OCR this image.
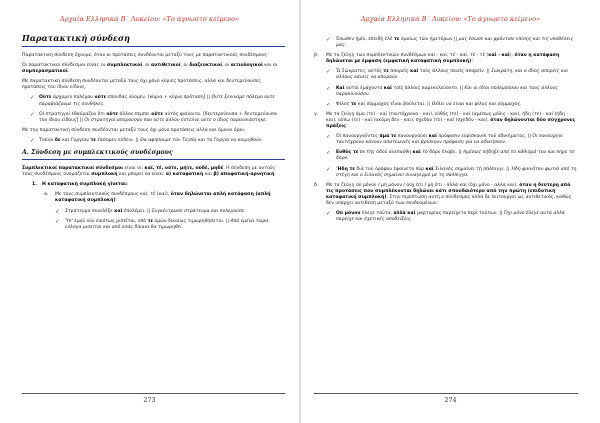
Αρχαία Ελληνικά Β΄ Λυκείου: «Το άγνωστο κείμενο»
Παρατακτική σύνδεση

Παρατακτική σύνδεση έχουμε, όταν οι προτάσεις συνδέονται μεταξύ τους με παρατακτικούς συνδέσμους.

Οι παρατακτικοί σύνδεσμοι είναι: οι συμπλεκτικοί, οι αντιθετικοί, οι διαζευκτικοί, οι αιτιολογικοί και οι συμπερασματικοί.

Με παρατακτική σύνδεση συνδέονται μεταξύ τους όχι μόνο κύριες προτάσεις, αλλά και δευτερεύουσες προτάσεις του ίδιου είδους.

✓ Ούτε άρχομεν πολέμου ούτε σπονδάς λύομεν. [κύρια + κύρια πρόταση] || Ούτε ξεκινάμε πόλεμο ούτε παραβιάζουμε τις συνθήκες.
✓ Οί στρατηγοί έθαύμαζον ὅτι οὔτε ἄλλον πεμπει οὔτε αὐτὸς φαίνοιτο. [δευτερεύουσα + δευτερεύουσα του ίδιου είδους] || Οι στρατηγοί απορούσαν που ούτε άλλον έστελνε ούτε ο ίδιος παρουσιάστηκε.

Με την παρατακτική σύνδεση συνδέονται μεταξύ τους όχι μόνο προτάσεις αλλά και όμοιοι όροι.

✓ Τισίαν δε καί Γοργίαν τε έάσομεν εύδειν. || Θα αφήσουμε τον Τεισία και το Γοργία να κοιμηθούν.
Α. Σύνδεση με συμπλεκτικούς συνδέσμους

Συμπλεκτικοί παρατακτικοί σύνδεσμοι είναι οι: καί, τέ, οὔτε, μήτε, οὐδέ, μηδέ. Η σύνδεση με αυτούς τους συνδέσμους ονομάζεται συμπλοκή και μπορεί να είναι: α) καταφατική και β) αποφατική-αρνητική.

1. Η καταφατική συμπλοκή γίνεται:
α. Με τους συμπλεκτικούς συνδέσμους καί, τέ (καί), όταν δηλώνεται απλή κατάφαση (απλή καταφατική συμπλοκή):
✓ Στράτευμα συνελέξε καί έπολέμει. || Συγκέντρωσε στράτευμα και πολεμούσε.
✓ Ύπ' ἐμοῦ νῦν εἰκότως μισεῖται, ὑπὸ τε ὑμῶν δικαίως τιμωρηθήσεται. || Από εμένα τώρα εύλογα μισείται και από εσάς δίκαια θα τιμωρηθεί.
273
Αρχαία Ελληνικά Β΄ Λυκείου: «Το άγνωστο κείμενο»
✓ Ἐσωσεν ἡμῖν, ἐπειδὴ ἐλέ τε ὁμοίως τῶν ἡμετέρων || μας έσωσε και φρόντισε επίσης και τις υποθέσεις μας.
β. Με τα ζεύγη των συμπλεκτικών συνδέσμων καί - καί, τέ - καί, τέ - τέ (καί - καί), όταν η κατάφαση δηλώνεται με έμφαση (εμφατική καταφατική συμπλοκή):
✓ Ὦ Σώκρατες, αὐτός τε ἀπορεῖς καί τοὺς ἄλλους ποιεῖς ἀπορεῖν. || Σωκράτη, και ο ίδιος απορείς και άλλους κάνεις να απορούν.
✓ Καί αὐτοὶ ἐμάχοντο καί τοῖς ἄλλοις παρεκελεύοντο. || Και οι ίδιοι πολεμούσαν και τους άλλους παρακινούσαν.
✓ Φίλος τε καί σύμμαχος εἶναι βούλεται. || Θέλει να είναι και φίλος και σύμμαχος.
γ. Με τα ζεύγη ἅμα (τε) - καί (ταυτόχρονα - και), εὐθύς (τε) - καί (αμέσως μόλις - και), ἤδη (τε) - καί (ήδη - και), οὔπω (τε) - καί (ακόμη δεν - και), σχεδὸν (τε) - καί (σχεδόν - και), όταν δηλώνονται δύο σύγχρονες πράξεις:
✓ Οἱ πανουργοῦντες ἅμα τε πανουργοῦσι καί πρόφασιν εὑρίσκουσι τοῦ ἀδικήματος. || Οι πανούργοι ταυτόχρονα κάνουν απατεωνιές και βρίσκουν πρόφαση για να αδικήσουν.
✓ Εὐθὺς τε ἐκ τῆς ὁδοῦ ἀνεπαύθη καί τὸ δόρυ ἔλαβε. || Αμέσως πήδηξε από το κάθισμά του και πήρε το δόρυ.
✓ Ἤδη τε διὰ τοῦ ὀρόφου ἐφαίνετο πῦρ καί Σιλανός σημαίνει τῇ σάλπιγγι. || Ήδη φαινόταν φωτιά από τη στέγη και ο Σιλανός σημαίνει συναγερμό με τη σάλπιγγα.
δ. Με τα ζεύγη οὐ μόνον / μὴ μόνον / οὐχ ὅτι / μὴ ὅτι - ἀλλὰ καί (όχι μόνο - αλλά και), όταν η δεύτερη από τις προτάσεις που συμπλέκονται δηλώνει κάτι σπουδαιότερο από την πρώτη (επιδοτική καταφατική συμπλοκή). Στην περίπτωση αυτή ο σύνδεσμος ἀλλά δε λειτουργεί ως αντιθετικός, καθώς δεν υπάρχει αντίθεση μεταξύ των συνδεομένων:
✓ Οὐ μόνον ἔλεγε ταῦτα, ἀλλὰ καί μαρτυρίας παρείχετο περὶ τούτων. || Όχι μόνο έλεγε αυτά αλλά παρείχε και σχετικές αποδείξεις.
274
